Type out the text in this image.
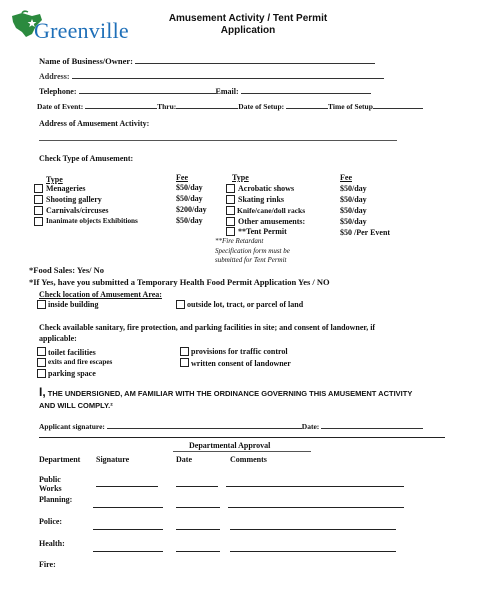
Greenville	Amusement Activity / Tent Permit
Application
Name of Business/Owner:
Address:
Telephone:	Email:
Date of Event:	Thru:	Date of Setup:	Time of Setup
Address of Amusement Activity:
Check Type of Amusement:
Type	Fee
Menageries	$50/day
Shooting gallery	$50/day
Carnivals/circuses	$200/day
Inanimate objects Exhibitions	$50/day
Type	Fee
Acrobatic shows	$50/day
Skating rinks	$50/day
Knife/cane/doll racks	$50/day
Other amusements:	$50/day
**Tent Permit	$50 /Per Event
**Fire Retardant
Specification form must be
submitted for Tent Permit
*Food Sales: Yes/ No
*If Yes, have you submitted a Temporary Health Food Permit Application Yes / NO
Check location of Amusement Area:
inside building	outside lot, tract, or parcel of land
Check available sanitary, fire protection, and parking facilities in site; and consent of landowner, if
applicable:
toilet facilities
exits and fire escapes
parking space
provisions for traffic control
written consent of landowner
I, THE UNDERSIGNED, AM FAMILIAR WITH THE ORDINANCE GOVERNING THIS AMUSEMENT ACTIVITY
AND WILL COMPLY.²
Applicant signature:	Date:
Departmental Approval
Department Signature	Date	Comments
Public
Works
Planning:
Police:
Health:
Fire:
